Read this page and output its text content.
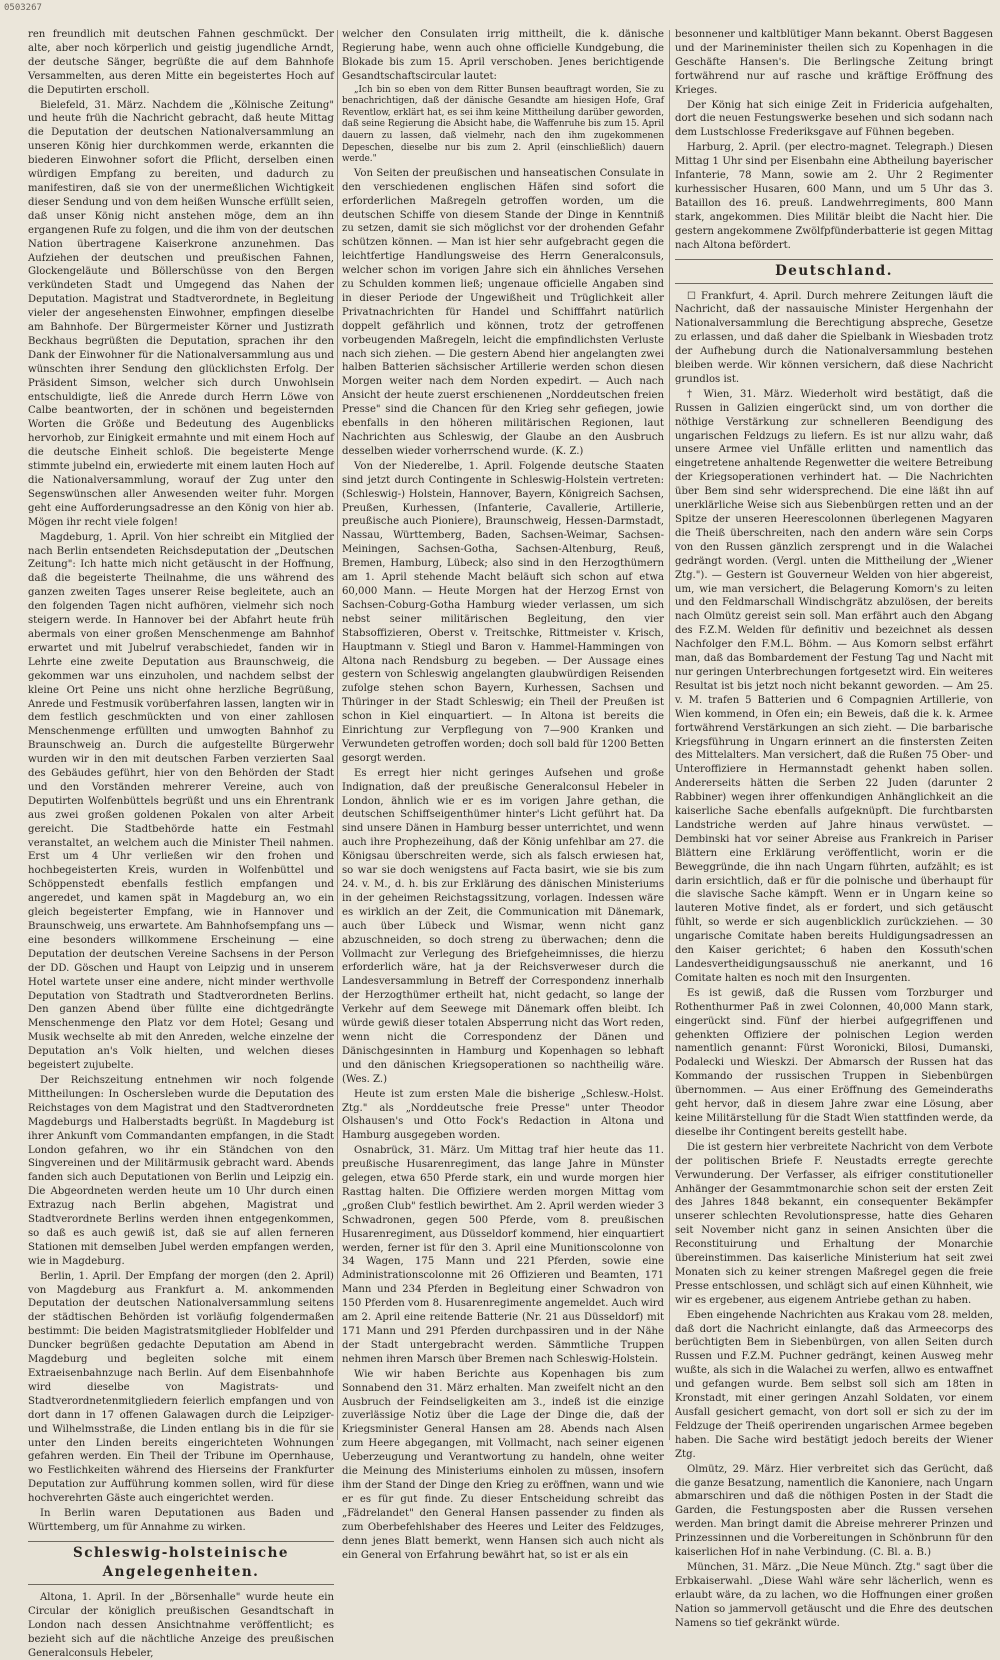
0503267

ren freundlich mit deutschen Fahnen geschmückt. Der alte, aber noch körperlich und geistig jugendliche Arndt, der deutsche Sänger, begrüßte die auf dem Bahnhofe Versammelten, aus deren Mitte ein begeistertes Hoch auf die Deputirten erscholl.

Bielefeld, 31. März. Nachdem die „Kölnische Zeitung" und heute früh die Nachricht gebracht, daß heute Mittag die Deputation der deutschen Nationalversammlung an unseren König hier durchkommen werde, erkannten die biederen Einwohner sofort die Pflicht, derselben einen würdigen Empfang zu bereiten, und dadurch zu manifestiren, daß sie von der unermeßlichen Wichtigkeit dieser Sendung und von dem heißen Wunsche erfüllt seien, daß unser König nicht anstehen möge, dem an ihn ergangenen Rufe zu folgen, und die ihm von der deutschen Nation übertragene Kaiserkrone anzunehmen. Das Aufziehen der deutschen und preußischen Fahnen, Glockengeläute und Böllerschüsse von den Bergen verkündeten Stadt und Umgegend das Nahen der Deputation. Magistrat und Stadtverordnete, in Begleitung vieler der angesehensten Einwohner, empfingen dieselbe am Bahnhofe. Der Bürgermeister Körner und Justizrath Beckhaus begrüßten die Deputation, sprachen ihr den Dank der Einwohner für die Nationalversammlung aus und wünschten ihrer Sendung den glücklichsten Erfolg. Der Präsident Simson, welcher sich durch Unwohlsein entschuldigte, ließ die Anrede durch Herrn Löwe von Calbe beantworten, der in schönen und begeisternden Worten die Größe und Bedeutung des Augenblicks hervorhob, zur Einigkeit ermahnte und mit einem Hoch auf die deutsche Einheit schloß. Die begeisterte Menge stimmte jubelnd ein, erwiederte mit einem lauten Hoch auf die Nationalversammlung, worauf der Zug unter den Segenswünschen aller Anwesenden weiter fuhr. Morgen geht eine Aufforderungsadresse an den König von hier ab. Mögen ihr recht viele folgen!

Magdeburg, 1. April. Von hier schreibt ein Mitglied der nach Berlin entsendeten Reichsdeputation der „Deutschen Zeitung": Ich hatte mich nicht getäuscht in der Hoffnung, daß die begeisterte Theilnahme, die uns während des ganzen zweiten Tages unserer Reise begleitete, auch an den folgenden Tagen nicht aufhören, vielmehr sich noch steigern werde. In Hannover bei der Abfahrt heute früh abermals von einer großen Menschenmenge am Bahnhof erwartet und mit Jubelruf verabschiedet, fanden wir in Lehrte eine zweite Deputation aus Braunschweig, die gekommen war uns einzuholen, und nachdem selbst der kleine Ort Peine uns nicht ohne herzliche Begrüßung, Anrede und Festmusik vorüberfahren lassen, langten wir in dem festlich geschmückten und von einer zahllosen Menschenmenge erfüllten und umwogten Bahnhof zu Braunschweig an. Durch die aufgestellte Bürgerwehr wurden wir in den mit deutschen Farben verzierten Saal des Gebäudes geführt, hier von den Behörden der Stadt und den Vorständen mehrerer Vereine, auch von Deputirten Wolfenbüttels begrüßt und uns ein Ehrentrank aus zwei großen goldenen Pokalen von alter Arbeit gereicht. Die Stadtbehörde hatte ein Festmahl veranstaltet, an welchem auch die Minister Theil nahmen. Erst um 4 Uhr verließen wir den frohen und hochbegeisterten Kreis, wurden in Wolfenbüttel und Schöppenstedt ebenfalls festlich empfangen und angeredet, und kamen spät in Magdeburg an, wo ein gleich begeisterter Empfang, wie in Hannover und Braunschweig, uns erwartete. Am Bahnhofsempfang uns — eine besonders willkommene Erscheinung — eine Deputation der deutschen Vereine Sachsens in der Person der DD. Göschen und Haupt von Leipzig und in unserem Hotel wartete unser eine andere, nicht minder werthvolle Deputation von Stadtrath und Stadtverordneten Berlins. Den ganzen Abend über füllte eine dichtgedrängte Menschenmenge den Platz vor dem Hotel; Gesang und Musik wechselte ab mit den Anreden, welche einzelne der Deputation an's Volk hielten, und welchen dieses begeistert zujubelte.

Der Reichszeitung entnehmen wir noch folgende Mittheilungen: In Oschersleben wurde die Deputation des Reichstages von dem Magistrat und den Stadtverordneten Magdeburgs und Halberstadts begrüßt. In Magdeburg ist ihrer Ankunft vom Commandanten empfangen, in die Stadt London gefahren, wo ihr ein Ständchen von den Singvereinen und der Militärmusik gebracht ward. Abends fanden sich auch Deputationen von Berlin und Leipzig ein. Die Abgeordneten werden heute um 10 Uhr durch einen Extrazug nach Berlin abgehen, Magistrat und Stadtverordnete Berlins werden ihnen entgegenkommen, so daß es auch gewiß ist, daß sie auf allen ferneren Stationen mit demselben Jubel werden empfangen werden, wie in Magdeburg.

Berlin, 1. April. Der Empfang der morgen (den 2. April) von Magdeburg aus Frankfurt a. M. ankommenden Deputation der deutschen Nationalversammlung seitens der städtischen Behörden ist vorläufig folgendermaßen bestimmt: Die beiden Magistratsmitglieder Hoblfelder und Duncker begrüßen gedachte Deputation am Abend in Magdeburg und begleiten solche mit einem Extraeisenbahnzuge nach Berlin. Auf dem Eisenbahnhofe wird dieselbe von Magistrats- und Stadtverordnetenmitgliedern feierlich empfangen und von dort dann in 17 offenen Galawagen durch die Leipziger- und Wilhelmsstraße, die Linden entlang bis in die für sie unter den Linden bereits eingerichteten Wohnungen gefahren werden. Ein Theil der Tribune im Opernhause, wo Festlichkeiten während des Hierseins der Frankfurter Deputation zur Aufführung kommen sollen, wird für diese hochverehrten Gäste auch eingerichtet werden.

In Berlin waren Deputationen aus Baden und Württemberg, um für Annahme zu wirken.

Schleswig-holsteinische Angelegenheiten.

Altona, 1. April. In der „Börsenhalle" wurde heute ein Circular der königlich preußischen Gesandtschaft in London nach dessen Ansichtnahme veröffentlicht; es bezieht sich auf die nächtliche Anzeige des preußischen Generalconsuls Hebeler,

welcher den Consulaten irrig mittheilt, die k. dänische Regierung habe, wenn auch ohne officielle Kundgebung, die Blokade bis zum 15. April verschoben. Jenes berichtigende Gesandtschaftscircular lautet:

„Ich bin so eben von dem Ritter Bunsen beauftragt worden, Sie zu benachrichtigen, daß der dänische Gesandte am hiesigen Hofe, Graf Reventlow, erklärt hat, es sei ihm keine Mittheilung darüber geworden, daß seine Regierung die Absicht habe, die Waffenruhe bis zum 15. April dauern zu lassen, daß vielmehr, nach den ihm zugekommenen Depeschen, dieselbe nur bis zum 2. April (einschließlich) dauern werde."

Von Seiten der preußischen und hanseatischen Consulate in den verschiedenen englischen Häfen sind sofort die erforderlichen Maßregeln getroffen worden, um die deutschen Schiffe von diesem Stande der Dinge in Kenntniß zu setzen, damit sie sich möglichst vor der drohenden Gefahr schützen können. — Man ist hier sehr aufgebracht gegen die leichtfertige Handlungsweise des Herrn Generalconsuls, welcher schon im vorigen Jahre sich ein ähnliches Versehen zu Schulden kommen ließ; ungenaue officielle Angaben sind in dieser Periode der Ungewißheit und Trüglichkeit aller Privatnachrichten für Handel und Schifffahrt natürlich doppelt gefährlich und können, trotz der getroffenen vorbeugenden Maßregeln, leicht die empfindlichsten Verluste nach sich ziehen. — Die gestern Abend hier angelangten zwei halben Batterien sächsischer Artillerie werden schon diesen Morgen weiter nach dem Norden expedirt. — Auch nach Ansicht der heute zuerst erschienenen „Norddeutschen freien Presse" sind die Chancen für den Krieg sehr gefiegen, jowie ebenfalls in den höheren militärischen Regionen, laut Nachrichten aus Schleswig, der Glaube an den Ausbruch desselben wieder vorherrschend wurde. (K. Z.)

Von der Niederelbe, 1. April. Folgende deutsche Staaten sind jetzt durch Contingente in Schleswig-Holstein vertreten: (Schleswig-) Holstein, Hannover, Bayern, Königreich Sachsen, Preußen, Kurhessen, (Infanterie, Cavallerie, Artillerie, preußische auch Pioniere), Braunschweig, Hessen-Darmstadt, Nassau, Württemberg, Baden, Sachsen-Weimar, Sachsen-Meiningen, Sachsen-Gotha, Sachsen-Altenburg, Reuß, Bremen, Hamburg, Lübeck; also sind in den Herzogthümern am 1. April stehende Macht beläuft sich schon auf etwa 60,000 Mann. — Heute Morgen hat der Herzog Ernst von Sachsen-Coburg-Gotha Hamburg wieder verlassen, um sich nebst seiner militärischen Begleitung, den vier Stabsoffizieren, Oberst v. Treitschke, Rittmeister v. Krisch, Hauptmann v. Stiegl und Baron v. Hammel-Hammingen von Altona nach Rendsburg zu begeben. — Der Aussage eines gestern von Schleswig angelangten glaubwürdigen Reisenden zufolge stehen schon Bayern, Kurhessen, Sachsen und Thüringer in der Stadt Schleswig; ein Theil der Preußen ist schon in Kiel einquartiert. — In Altona ist bereits die Einrichtung zur Verpflegung von 7—900 Kranken und Verwundeten getroffen worden; doch soll bald für 1200 Betten gesorgt werden.

Es erregt hier nicht geringes Aufsehen und große Indignation, daß der preußische Generalconsul Hebeler in London, ähnlich wie er es im vorigen Jahre gethan, die deutschen Schiffseigenthümer hinter's Licht geführt hat. Da sind unsere Dänen in Hamburg besser unterrichtet, und wenn auch ihre Prophezeihung, daß der König unfehlbar am 27. die Königsau überschreiten werde, sich als falsch erwiesen hat, so war sie doch wenigstens auf Facta basirt, wie sie bis zum 24. v. M., d. h. bis zur Erklärung des dänischen Ministeriums in der geheimen Reichstagssitzung, vorlagen. Indessen wäre es wirklich an der Zeit, die Communication mit Dänemark, auch über Lübeck und Wismar, wenn nicht ganz abzuschneiden, so doch streng zu überwachen; denn die Vollmacht zur Verlegung des Briefgeheimnisses, die hierzu erforderlich wäre, hat ja der Reichsverweser durch die Landesversammlung in Betreff der Correspondenz innerhalb der Herzogthümer ertheilt hat, nicht gedacht, so lange der Verkehr auf dem Seewege mit Dänemark offen bleibt. Ich würde gewiß dieser totalen Absperrung nicht das Wort reden, wenn nicht die Correspondenz der Dänen und Dänischgesinnten in Hamburg und Kopenhagen so lebhaft und den dänischen Kriegsoperationen so nachtheilig wäre. (Wes. Z.)

Heute ist zum ersten Male die bisherige „Schlesw.-Holst. Ztg." als „Norddeutsche freie Presse" unter Theodor Olshausen's und Otto Fock's Redaction in Altona und Hamburg ausgegeben worden.

Osnabrück, 31. März. Um Mittag traf hier heute das 11. preußische Husarenregiment, das lange Jahre in Münster gelegen, etwa 650 Pferde stark, ein und wurde morgen hier Rasttag halten. Die Offiziere werden morgen Mittag vom „großen Club" festlich bewirthet. Am 2. April werden wieder 3 Schwadronen, gegen 500 Pferde, vom 8. preußischen Husarenregiment, aus Düsseldorf kommend, hier einquartiert werden, ferner ist für den 3. April eine Munitionscolonne von 34 Wagen, 175 Mann und 221 Pferden, sowie eine Administrationscolonne mit 26 Offizieren und Beamten, 171 Mann und 234 Pferden in Begleitung einer Schwadron von 150 Pferden vom 8. Husarenregimente angemeldet. Auch wird am 2. April eine reitende Batterie (Nr. 21 aus Düsseldorf) mit 171 Mann und 291 Pferden durchpassiren und in der Nähe der Stadt untergebracht werden. Sämmtliche Truppen nehmen ihren Marsch über Bremen nach Schleswig-Holstein.

Wie wir haben Berichte aus Kopenhagen bis zum Sonnabend den 31. März erhalten. Man zweifelt nicht an den Ausbruch der Feindseligkeiten am 3., indeß ist die einzige zuverlässige Notiz über die Lage der Dinge die, daß der Kriegsminister General Hansen am 28. Abends nach Alsen zum Heere abgegangen, mit Vollmacht, nach seiner eigenen Ueberzeugung und Verantwortung zu handeln, ohne weiter die Meinung des Ministeriums einholen zu müssen, insofern ihm der Stand der Dinge den Krieg zu eröffnen, wann und wie er es für gut finde. Zu dieser Entscheidung schreibt das „Fädrelandet" den General Hansen passender zu finden als zum Oberbefehlshaber des Heeres und Leiter des Feldzuges, denn jenes Blatt bemerkt, wenn Hansen sich auch nicht als ein General von Erfahrung bewährt hat, so ist er als ein

besonnener und kaltblütiger Mann bekannt. Oberst Baggesen und der Marineminister theilen sich zu Kopenhagen in die Geschäfte Hansen's. Die Berlingsche Zeitung bringt fortwährend nur auf rasche und kräftige Eröffnung des Krieges.

Der König hat sich einige Zeit in Fridericia aufgehalten, dort die neuen Festungswerke besehen und sich sodann nach dem Lustschlosse Frederiksgave auf Fühnen begeben.

Harburg, 2. April. (per electro-magnet. Telegraph.) Diesen Mittag 1 Uhr sind per Eisenbahn eine Abtheilung bayerischer Infanterie, 78 Mann, sowie am 2. Uhr 2 Regimenter kurhessischer Husaren, 600 Mann, und um 5 Uhr das 3. Bataillon des 16. preuß. Landwehrregiments, 800 Mann stark, angekommen. Dies Militär bleibt die Nacht hier. Die gestern angekommene Zwölfpfünderbatterie ist gegen Mittag nach Altona befördert.

Deutschland.

☐ Frankfurt, 4. April. Durch mehrere Zeitungen läuft die Nachricht, daß der nassauische Minister Hergenhahn der Nationalversammlung die Berechtigung abspreche, Gesetze zu erlassen, und daß daher die Spielbank in Wiesbaden trotz der Aufhebung durch die Nationalversammlung bestehen bleiben werde. Wir können versichern, daß diese Nachricht grundlos ist.

† Wien, 31. März. Wiederholt wird bestätigt, daß die Russen in Galizien eingerückt sind, um von dorther die nöthige Verstärkung zur schnelleren Beendigung des ungarischen Feldzugs zu liefern. Es ist nur allzu wahr, daß unsere Armee viel Unfälle erlitten und namentlich das eingetretene anhaltende Regenwetter die weitere Betreibung der Kriegsoperationen verhindert hat. — Die Nachrichten über Bem sind sehr widersprechend. Die eine läßt ihn auf unerklärliche Weise sich aus Siebenbürgen retten und an der Spitze der unseren Heerescolonnen überlegenen Magyaren die Theiß überschreiten, nach den andern wäre sein Corps von den Russen gänzlich zersprengt und in die Walachei gedrängt worden. (Vergl. unten die Mittheilung der „Wiener Ztg."). — Gestern ist Gouverneur Welden von hier abgereist, um, wie man versichert, die Belagerung Komorn's zu leiten und den Feldmarschall Windischgrätz abzulösen, der bereits nach Olmütz gereist sein soll. Man erfährt auch den Abgang des F.Z.M. Welden für definitiv und bezeichnet als dessen Nachfolger den F.M.L. Böhm. — Aus Komorn selbst erfährt man, daß das Bombardement der Festung Tag und Nacht mit nur geringen Unterbrechungen fortgesetzt wird. Ein weiteres Resultat ist bis jetzt noch nicht bekannt geworden. — Am 25. v. M. trafen 5 Batterien und 6 Compagnien Artillerie, von Wien kommend, in Ofen ein; ein Beweis, daß die k. k. Armee fortwährend Verstärkungen an sich zieht. — Die barbarische Kriegsführung in Ungarn erinnert an die finstersten Zeiten des Mittelalters. Man versichert, daß die Rußen 75 Ober- und Unteroffiziere in Hermannstadt gehenkt haben sollen. Andererseits hätten die Serben 22 Juden (darunter 2 Rabbiner) wegen ihrer offenkundigen Anhänglichkeit an die kaiserliche Sache ebenfalls aufgeknüpft. Die furchtbarsten Landstriche werden auf Jahre hinaus verwüstet. — Dembinski hat vor seiner Abreise aus Frankreich in Pariser Blättern eine Erklärung veröffentlicht, worin er die Beweggründe, die ihn nach Ungarn führten, aufzählt; es ist darin ersichtlich, daß er für die polnische und überhaupt für die slavische Sache kämpft. Wenn er in Ungarn keine so lauteren Motive findet, als er fordert, und sich getäuscht fühlt, so werde er sich augenblicklich zurückziehen. — 30 ungarische Comitate haben bereits Huldigungsadressen an den Kaiser gerichtet; 6 haben den Kossuth'schen Landesvertheidigungsausschuß nie anerkannt, und 16 Comitate halten es noch mit den Insurgenten.

Es ist gewiß, daß die Russen vom Torzburger und Rothenthurmer Paß in zwei Colonnen, 40,000 Mann stark, eingerückt sind. Fünf der hierbei aufgegriffenen und gehenkten Offiziere der polnischen Legion werden namentlich genannt: Fürst Woronicki, Bilosi, Dumanski, Podalecki und Wieskzi. Der Abmarsch der Russen hat das Kommando der russischen Truppen in Siebenbürgen übernommen. — Aus einer Eröffnung des Gemeinderaths geht hervor, daß in diesem Jahre zwar eine Lösung, aber keine Militärstellung für die Stadt Wien stattfinden werde, da dieselbe ihr Contingent bereits gestellt habe.

Die ist gestern hier verbreitete Nachricht von dem Verbote der politischen Briefe F. Neustadts erregte gerechte Verwunderung. Der Verfasser, als eifriger constitutioneller Anhänger der Gesammtmonarchie schon seit der ersten Zeit des Jahres 1848 bekannt, ein consequenter Bekämpfer unserer schlechten Revolutionspresse, hatte dies Geharen seit November nicht ganz in seinen Ansichten über die Reconstituirung und Erhaltung der Monarchie übereinstimmen. Das kaiserliche Ministerium hat seit zwei Monaten sich zu keiner strengen Maßregel gegen die freie Presse entschlossen, und schlägt sich auf einen Kühnheit, wie wir es ergebener, aus eigenem Antriebe gethan zu haben.

Eben eingehende Nachrichten aus Krakau vom 28. melden, daß dort die Nachricht einlangte, daß das Armeecorps des berüchtigten Bem in Siebenbürgen, von allen Seiten durch Russen und F.Z.M. Puchner gedrängt, keinen Ausweg mehr wußte, als sich in die Walachei zu werfen, allwo es entwaffnet und gefangen wurde. Bem selbst soll sich am 18ten in Kronstadt, mit einer geringen Anzahl Soldaten, vor einem Ausfall gesichert gemacht, von dort soll er sich zu der im Feldzuge der Theiß operirenden ungarischen Armee begeben haben. Die Sache wird bestätigt jedoch bereits der Wiener Ztg.

Olmütz, 29. März. Hier verbreitet sich das Gerücht, daß die ganze Besatzung, namentlich die Kanoniere, nach Ungarn abmarschiren und daß die nöthigen Posten in der Stadt die Garden, die Festungsposten aber die Russen versehen werden. Man bringt damit die Abreise mehrerer Prinzen und Prinzessinnen und die Vorbereitungen in Schönbrunn für den kaiserlichen Hof in nahe Verbindung. (C. Bl. a. B.)

München, 31. März. „Die Neue Münch. Ztg." sagt über die Erbkaiserwahl. „Diese Wahl wäre sehr lächerlich, wenn es erlaubt wäre, da zu lachen, wo die Hoffnungen einer großen Nation so jammervoll getäuscht und die Ehre des deutschen Namens so tief gekränkt würde.
